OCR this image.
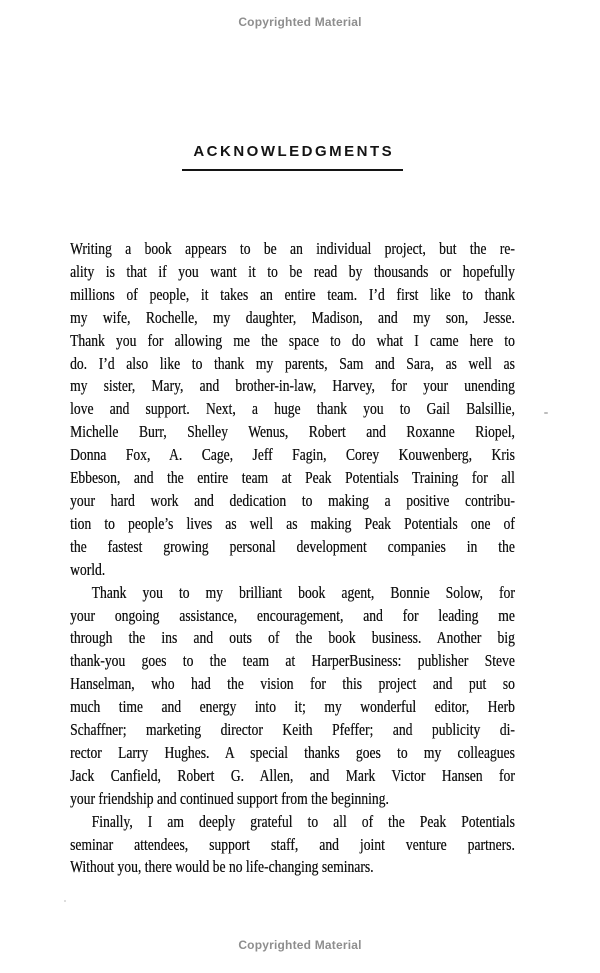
Copyrighted Material
ACKNOWLEDGMENTS
Writing a book appears to be an individual project, but the re-
ality is that if you want it to be read by thousands or hopefully
millions of people, it takes an entire team. I’d first like to thank
my wife, Rochelle, my daughter, Madison, and my son, Jesse.
Thank you for allowing me the space to do what I came here to
do. I’d also like to thank my parents, Sam and Sara, as well as
my sister, Mary, and brother-in-law, Harvey, for your unending
love and support. Next, a huge thank you to Gail Balsillie,
Michelle Burr, Shelley Wenus, Robert and Roxanne Riopel,
Donna Fox, A. Cage, Jeff Fagin, Corey Kouwenberg, Kris
Ebbeson, and the entire team at Peak Potentials Training for all
your hard work and dedication to making a positive contribu-
tion to people’s lives as well as making Peak Potentials one of
the fastest growing personal development companies in the
world.
Thank you to my brilliant book agent, Bonnie Solow, for
your ongoing assistance, encouragement, and for leading me
through the ins and outs of the book business. Another big
thank-you goes to the team at HarperBusiness: publisher Steve
Hanselman, who had the vision for this project and put so
much time and energy into it; my wonderful editor, Herb
Schaffner; marketing director Keith Pfeffer; and publicity di-
rector Larry Hughes. A special thanks goes to my colleagues
Jack Canfield, Robert G. Allen, and Mark Victor Hansen for
your friendship and continued support from the beginning.
Finally, I am deeply grateful to all of the Peak Potentials
seminar attendees, support staff, and joint venture partners.
Without you, there would be no life-changing seminars.
Copyrighted Material
